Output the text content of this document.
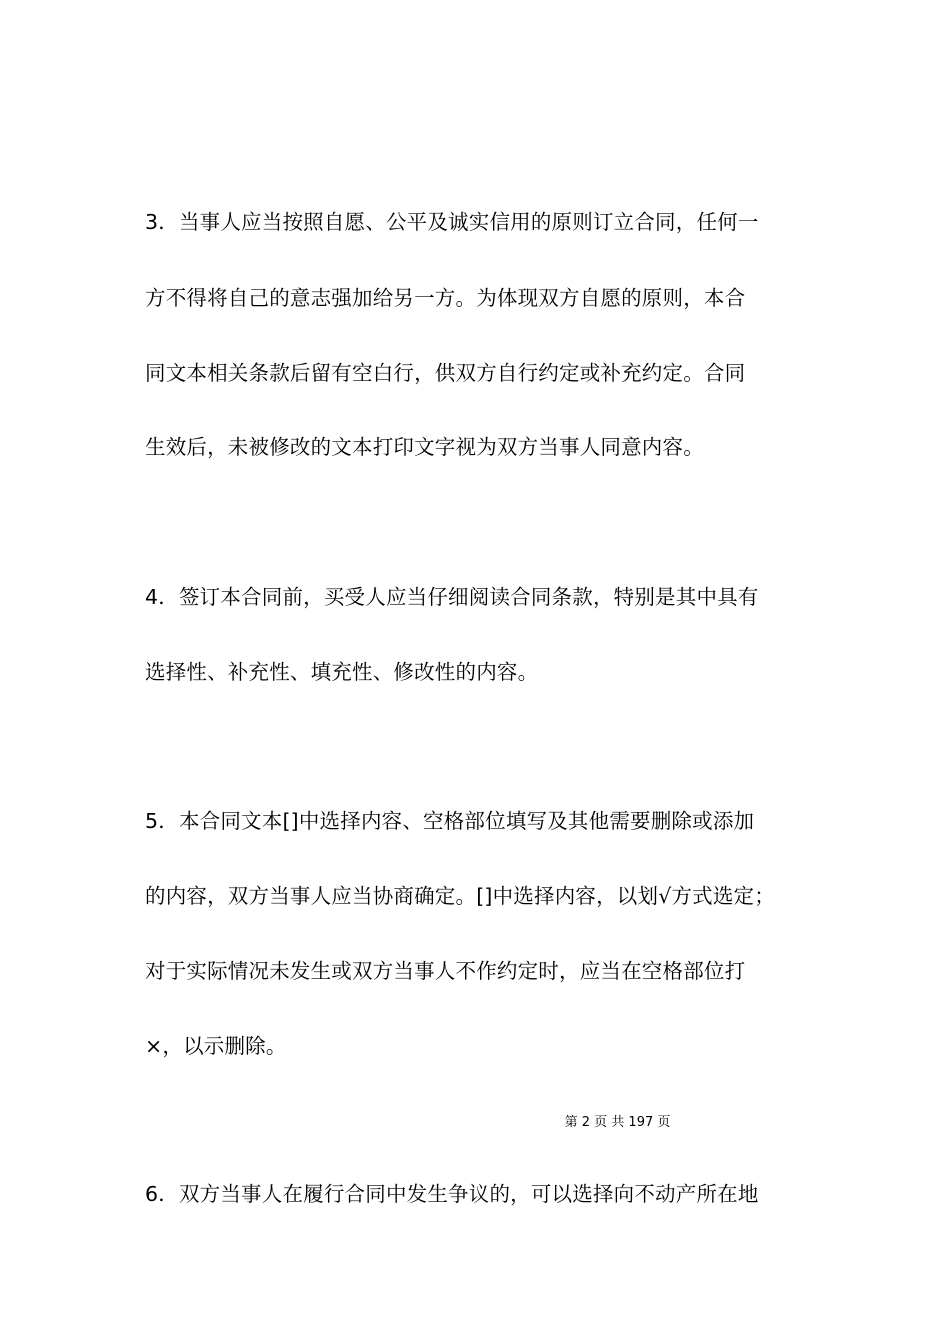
3．当事人应当按照自愿、公平及诚实信用的原则订立合同，任何一
方不得将自己的意志强加给另一方。为体现双方自愿的原则，本合
同文本相关条款后留有空白行，供双方自行约定或补充约定。合同
生效后，未被修改的文本打印文字视为双方当事人同意内容。
4．签订本合同前，买受人应当仔细阅读合同条款，特别是其中具有
选择性、补充性、填充性、修改性的内容。
5．本合同文本[]中选择内容、空格部位填写及其他需要删除或添加
的内容，双方当事人应当协商确定。[]中选择内容，以划√方式选定；
对于实际情况未发生或双方当事人不作约定时，应当在空格部位打
×，以示删除。
第 2 页 共 197 页
6．双方当事人在履行合同中发生争议的，可以选择向不动产所在地
